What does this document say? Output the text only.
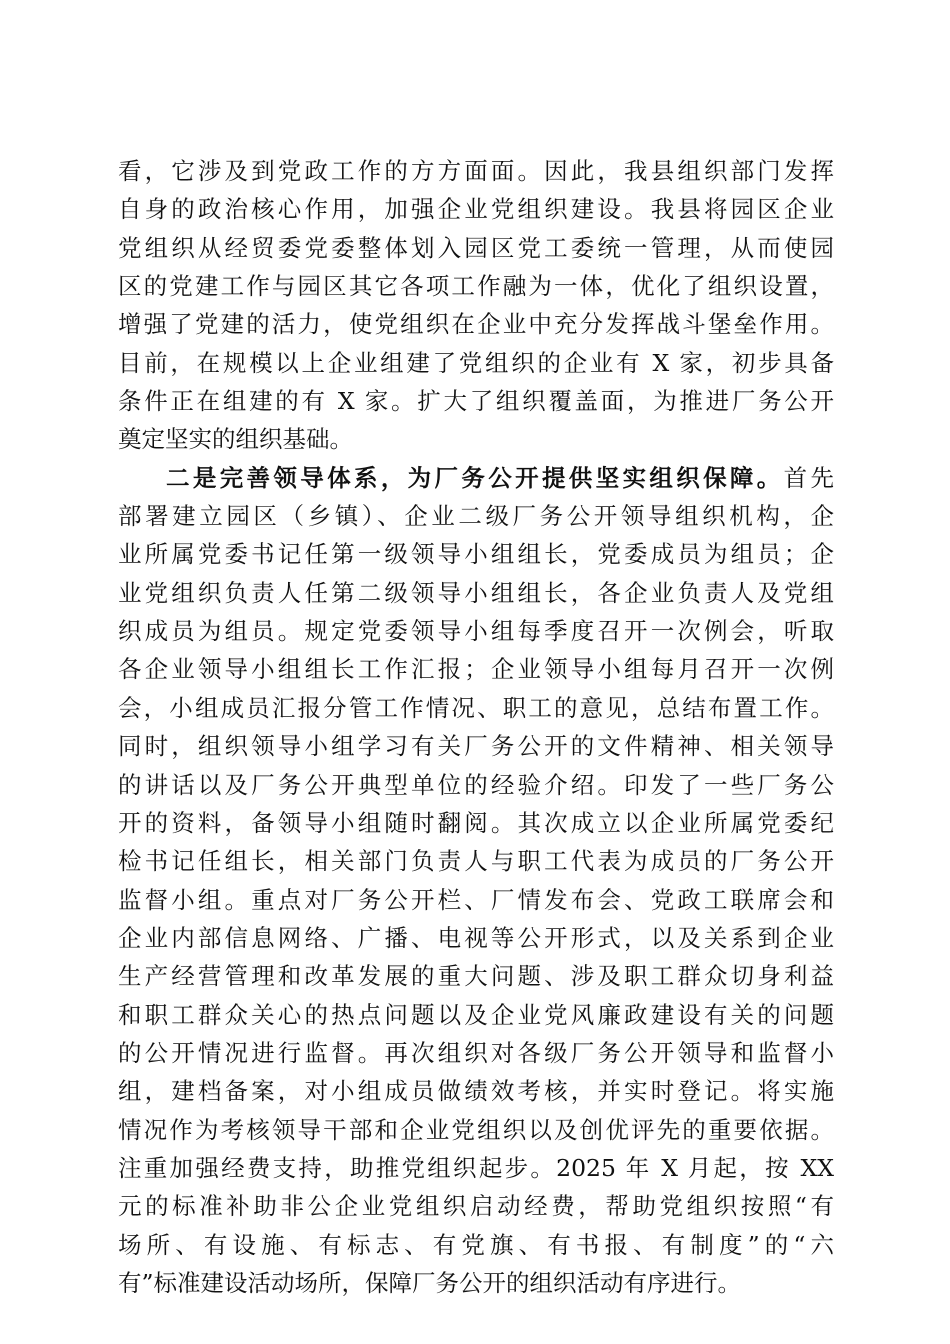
看，它涉及到党政工作的方方面面。因此，我县组织部门发挥
自身的政治核心作用，加强企业党组织建设。我县将园区企业
党组织从经贸委党委整体划入园区党工委统一管理，从而使园
区的党建工作与园区其它各项工作融为一体，优化了组织设置，
增强了党建的活力，使党组织在企业中充分发挥战斗堡垒作用。
目前，在规模以上企业组建了党组织的企业有 X 家，初步具备
条件正在组建的有 X 家。扩大了组织覆盖面，为推进厂务公开
奠定坚实的组织基础。
二是完善领导体系，为厂务公开提供坚实组织保障。首先
部署建立园区（乡镇）、企业二级厂务公开领导组织机构，企
业所属党委书记任第一级领导小组组长，党委成员为组员；企
业党组织负责人任第二级领导小组组长，各企业负责人及党组
织成员为组员。规定党委领导小组每季度召开一次例会，听取
各企业领导小组组长工作汇报；企业领导小组每月召开一次例
会，小组成员汇报分管工作情况、职工的意见，总结布置工作。
同时，组织领导小组学习有关厂务公开的文件精神、相关领导
的讲话以及厂务公开典型单位的经验介绍。印发了一些厂务公
开的资料，备领导小组随时翻阅。其次成立以企业所属党委纪
检书记任组长，相关部门负责人与职工代表为成员的厂务公开
监督小组。重点对厂务公开栏、厂情发布会、党政工联席会和
企业内部信息网络、广播、电视等公开形式，以及关系到企业
生产经营管理和改革发展的重大问题、涉及职工群众切身利益
和职工群众关心的热点问题以及企业党风廉政建设有关的问题
的公开情况进行监督。再次组织对各级厂务公开领导和监督小
组，建档备案，对小组成员做绩效考核，并实时登记。将实施
情况作为考核领导干部和企业党组织以及创优评先的重要依据。
注重加强经费支持，助推党组织起步。2025 年 X 月起，按 XX
元的标准补助非公企业党组织启动经费，帮助党组织按照“有
场所、有设施、有标志、有党旗、有书报、有制度”的“六
有”标准建设活动场所，保障厂务公开的组织活动有序进行。
